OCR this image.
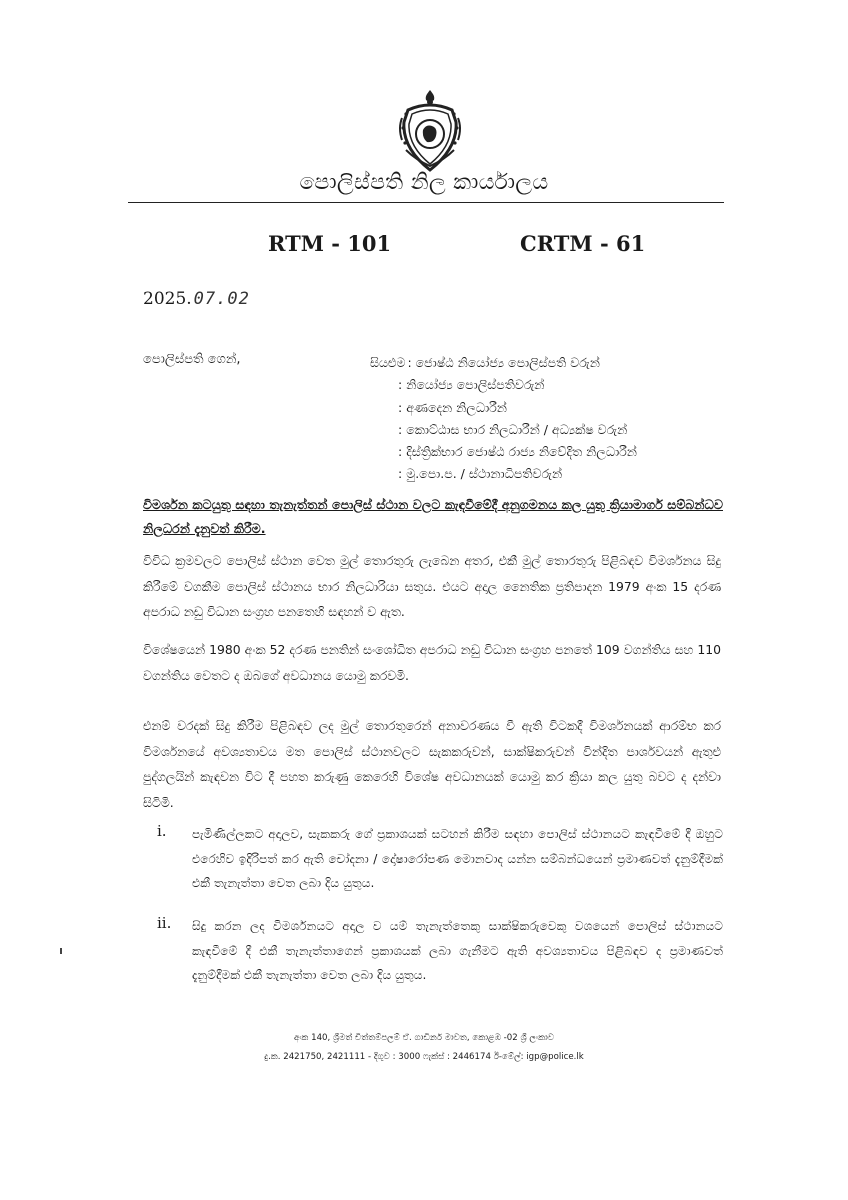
පොලිස්පති නිල කාර්යාලය
RTM - 101	CRTM - 61
2025. 07.02
පොලිස්පති ගෙන්,	සියළුම : ජොෂ්ඨ නියෝජ්‍ය පොලිස්පති වරුන්
: නියෝජ්‍ය පොලිස්පතිවරුන්
: අණදෙන නිලධාරීන්
: කොට්ඨාස භාර නිලධාරීන් / අධ්‍යක්ෂ වරුන්
: දිස්ත්‍රික්භාර ජොෂ්ඨ රාජ්‍ය නිවේදිත නිලධාරීන්
: මු.පො.ප. / ස්ථානාධිපතිවරුන්
විමර්ශන කටයුතු සඳහා තැනැත්තන් පොලිස් ස්ථාන වලට කැඳවීමේදී අනුගමනය කල යුතු ක්‍රියාමාර්ග සම්බන්ධව නිලධරන් දැනුවත් කිරීම.
විවිධ ක්‍රමවලට පොලිස් ස්ථාන වෙත මුල් තොරතුරු ලැබෙන අතර, එකී මුල් තොරතුරු පිළිබඳව විමර්ශනය සිදු කිරීමේ වගකීම පොලිස් ස්ථානය භාර නිලධාරියා සතුය. එයට අදාල නෛතික ප්‍රතිපාදන 1979 අංක 15 දරණ අපරාධ නඩු විධාන සංග්‍රහ පනතෙහි සඳහන් ව ඇත.
විශේෂයෙන් 1980 අංක 52 දරණ පනතින් සංශෝධිත අපරාධ නඩු විධාන සංග්‍රහ පනතේ 109 වගන්තිය සහ 110 වගන්තිය වෙතට ද ඔබගේ අවධානය යොමු කරවමි.
එනම් වරදක් සිදු කිරීම පිළිබඳව ලද මුල් තොරතුරෙන් අනාවරණය වී ඇති විටකදී විමර්ශනයක් ආරම්භ කර විමර්ශනයේ අවශ්‍යතාවය මත පොලිස් ස්ථානවලට සැකකරුවන්, සාක්ෂිකරුවන් වින්දිත පාර්ශවයන් ඇතුළු පුද්ගලයින් කැඳවන විට දී පහත කරුණු කෙරෙහි විශේෂ අවධානයක් යොමු කර ක්‍රියා කල යුතු බවට ද දන්වා සිටිමි.
i. පැමිණිල්ලකට අදාලව, සැකකරු ගේ ප්‍රකාශයක් සටහන් කිරීම සඳහා පොලිස් ස්ථානයට කැඳවීමේ දී ඔහුට එරෙහිව ඉදිරිපත් කර ඇති චෝදනා / දෝෂාරෝපණ මොනවාද යන්න සම්බන්ධයෙන් ප්‍රමාණවත් දැනුම්දීමක් එකී තැනැත්තා වෙත ලබා දිය යුතුය.
ii. සිදු කරන ලද විමර්ශනයට අදාල ව යම් තැනැත්තෙකු සාක්ෂිකරුවෙකු වශයෙන් පොලිස් ස්ථානයට කැඳවීමේ දී එකී තැනැත්තාගෙන් ප්‍රකාශයක් ලබා ගැනීමට ඇති අවශ්‍යතාවය පිළිබඳව ද ප්‍රමාණවත් දැනුම්දීමක් එකී තැනැත්තා වෙත ලබා දිය යුතුය.
අංක 140, ශ්‍රීමත් චිත්තම්පලම් ඒ. ගාඩිනර් මාවත, කොළඹ -02 ශ්‍රී ලංකාව
දු.ක. 2421750, 2421111 - දිගුව : 3000 ෆැක්ස් : 2446174 ඊ-මේල්: igp@police.lk
